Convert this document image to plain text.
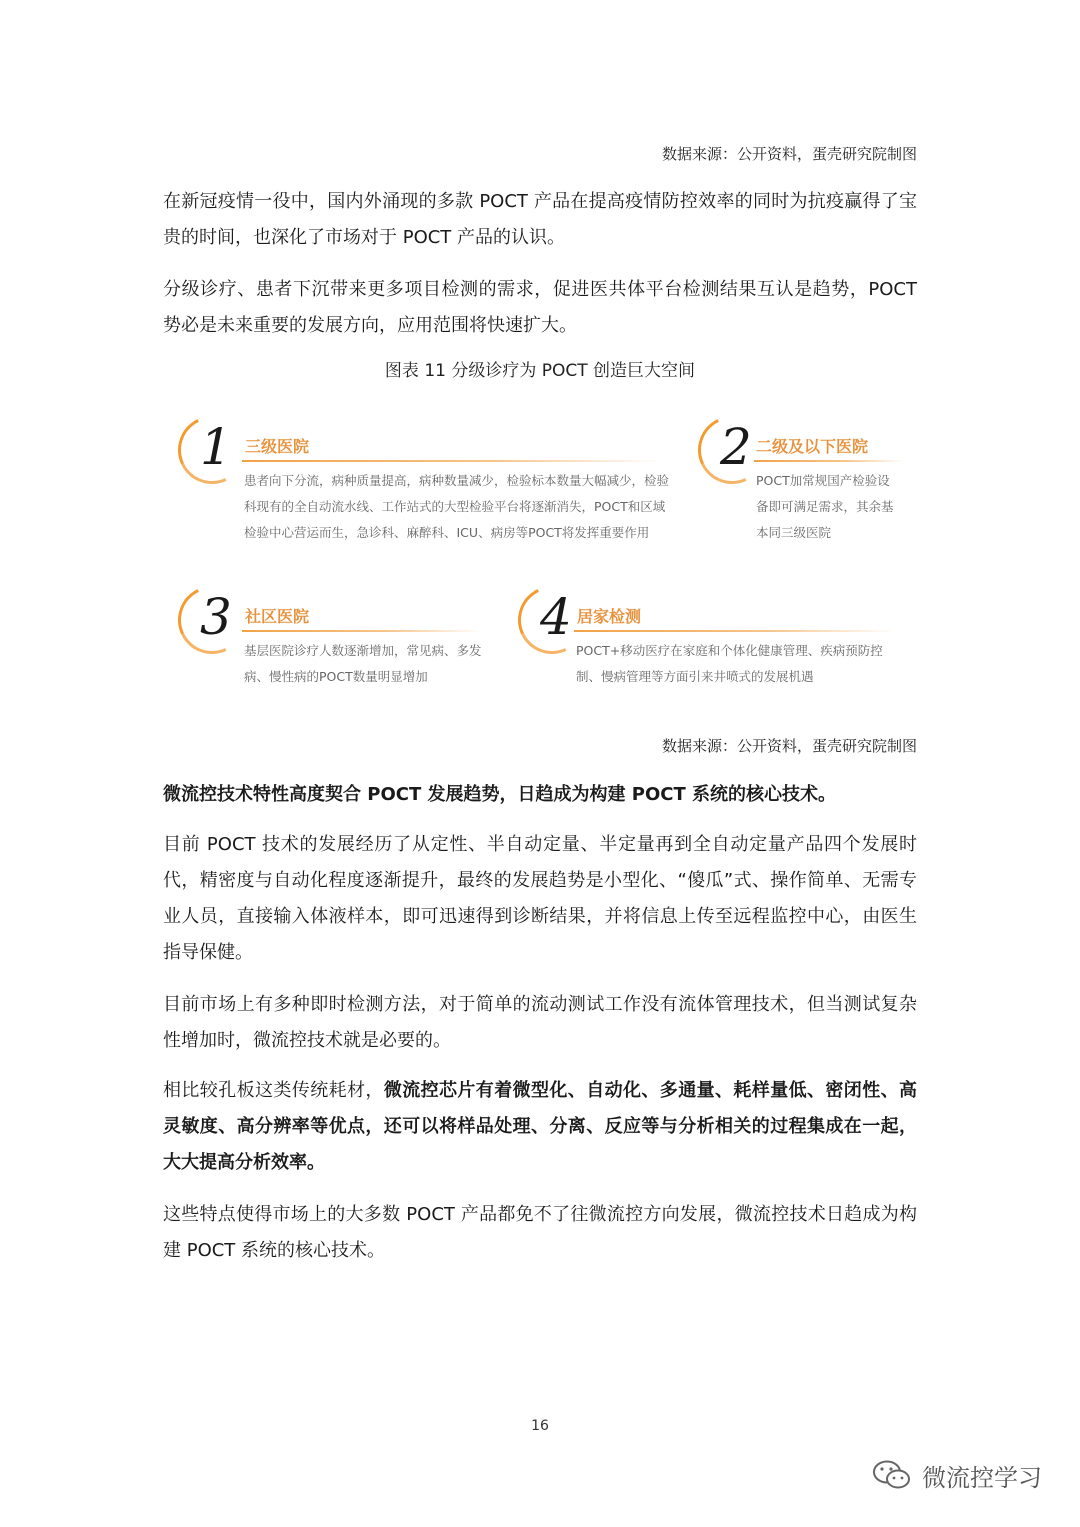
数据来源：公开资料，蛋壳研究院制图

在新冠疫情一役中，国内外涌现的多款 POCT 产品在提高疫情防控效率的同时为抗疫赢得了宝贵的时间，也深化了市场对于 POCT 产品的认识。

分级诊疗、患者下沉带来更多项目检测的需求，促进医共体平台检测结果互认是趋势，POCT 势必是未来重要的发展方向，应用范围将快速扩大。

图表 11 分级诊疗为 POCT 创造巨大空间
1 三级医院
患者向下分流，病种质量提高，病种数量减少，检验标本数量大幅减少，检验科现有的全自动流水线、工作站式的大型检验平台将逐渐消失，POCT和区域检验中心营运而生，急诊科、麻醉科、ICU、病房等POCT将发挥重要作用
2 二级及以下医院
POCT加常规国产检验设备即可满足需求，其余基本同三级医院
3 社区医院
基层医院诊疗人数逐渐增加，常见病、多发病、慢性病的POCT数量明显增加
4 居家检测
POCT+移动医疗在家庭和个体化健康管理、疾病预防控制、慢病管理等方面引来井喷式的发展机遇
数据来源：公开资料，蛋壳研究院制图
微流控技术特性高度契合 POCT 发展趋势，日趋成为构建 POCT 系统的核心技术。

目前 POCT 技术的发展经历了从定性、半自动定量、半定量再到全自动定量产品四个发展时代，精密度与自动化程度逐渐提升，最终的发展趋势是小型化、“傻瓜”式、操作简单、无需专业人员，直接输入体液样本，即可迅速得到诊断结果，并将信息上传至远程监控中心，由医生指导保健。

目前市场上有多种即时检测方法，对于简单的流动测试工作没有流体管理技术，但当测试复杂性增加时，微流控技术就是必要的。

相比较孔板这类传统耗材，微流控芯片有着微型化、自动化、多通量、耗样量低、密闭性、高灵敏度、高分辨率等优点，还可以将样品处理、分离、反应等与分析相关的过程集成在一起，大大提高分析效率。

这些特点使得市场上的大多数 POCT 产品都免不了往微流控方向发展，微流控技术日趋成为构建 POCT 系统的核心技术。

16
微流控学习
